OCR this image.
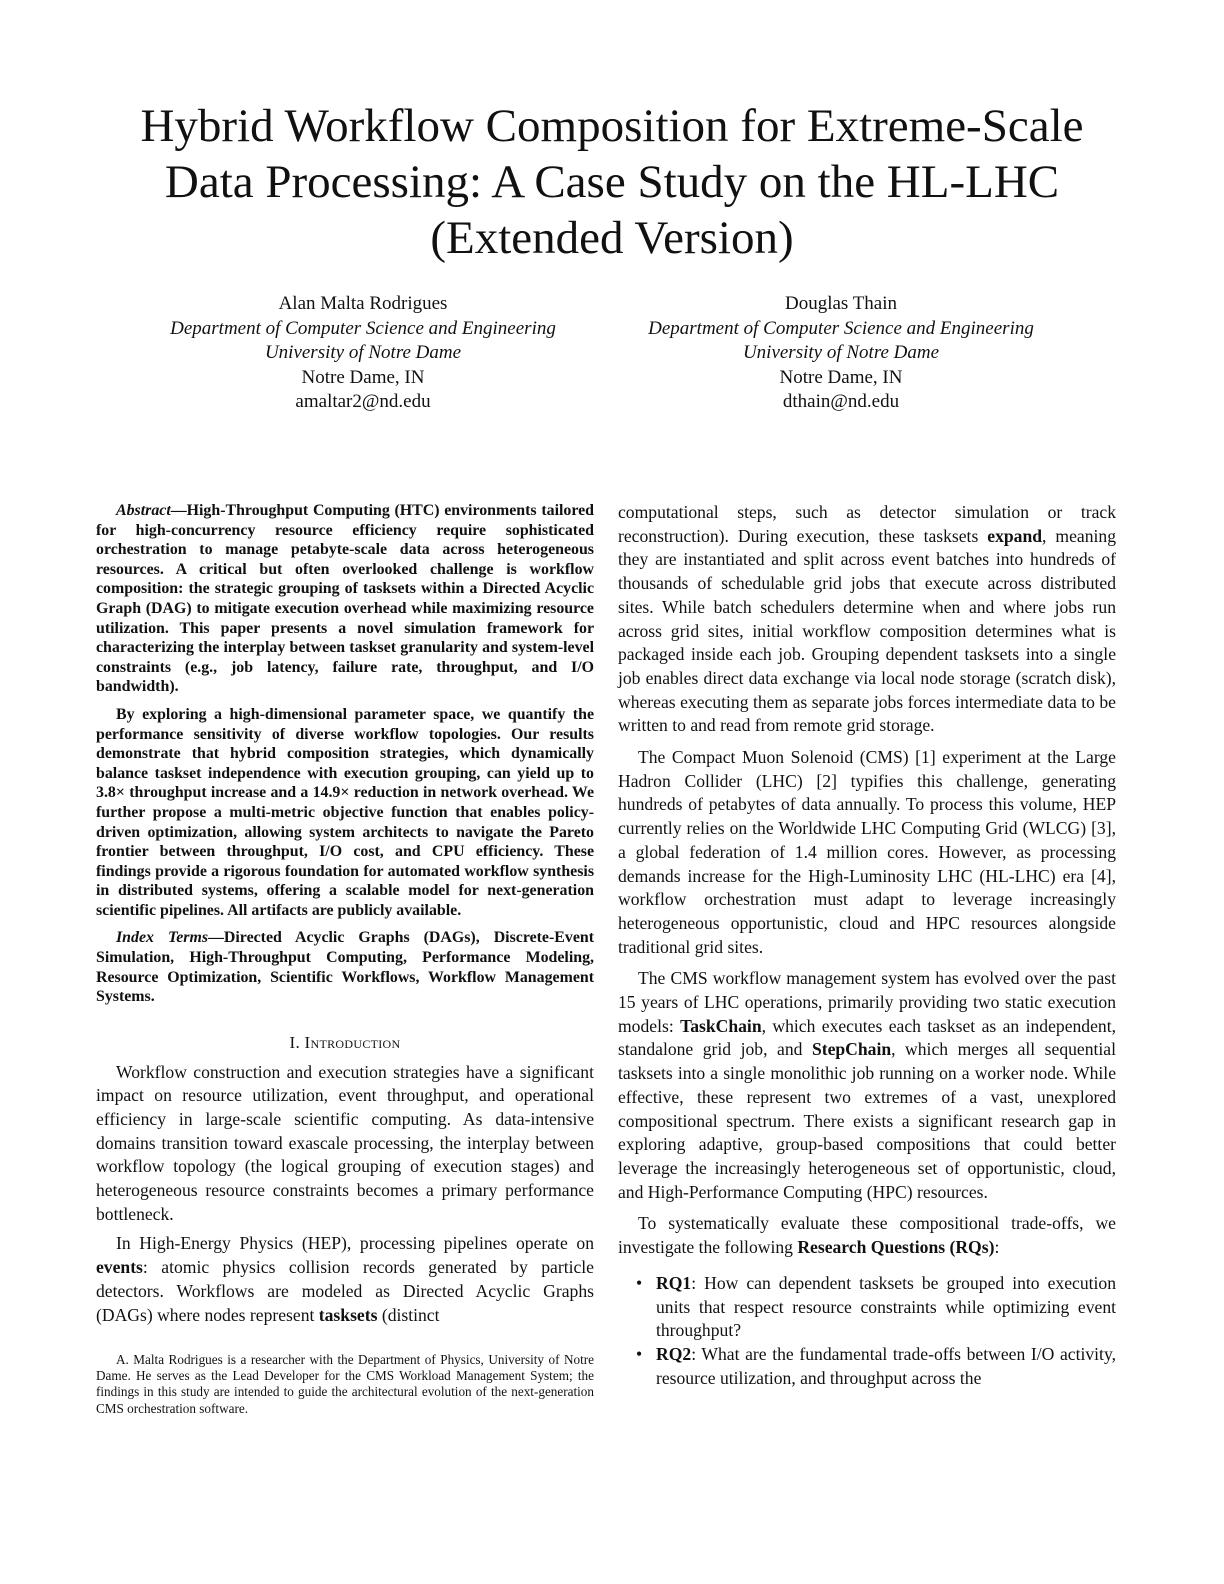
Hybrid Workflow Composition for Extreme-Scale
Data Processing: A Case Study on the HL-LHC
(Extended Version)
Alan Malta Rodrigues
Department of Computer Science and Engineering
University of Notre Dame
Notre Dame, IN
amaltar2@nd.edu
Douglas Thain
Department of Computer Science and Engineering
University of Notre Dame
Notre Dame, IN
dthain@nd.edu

Abstract—High-Throughput Computing (HTC) environments tailored for high-concurrency resource efficiency require sophisticated orchestration to manage petabyte-scale data across heterogeneous resources. A critical but often overlooked challenge is workflow composition: the strategic grouping of tasksets within a Directed Acyclic Graph (DAG) to mitigate execution overhead while maximizing resource utilization. This paper presents a novel simulation framework for characterizing the interplay between taskset granularity and system-level constraints (e.g., job latency, failure rate, throughput, and I/O bandwidth).

By exploring a high-dimensional parameter space, we quantify the performance sensitivity of diverse workflow topologies. Our results demonstrate that hybrid composition strategies, which dynamically balance taskset independence with execution grouping, can yield up to 3.8× throughput increase and a 14.9× reduction in network overhead. We further propose a multi-metric objective function that enables policy-driven optimization, allowing system architects to navigate the Pareto frontier between throughput, I/O cost, and CPU efficiency. These findings provide a rigorous foundation for automated workflow synthesis in distributed systems, offering a scalable model for next-generation scientific pipelines. All artifacts are publicly available.

Index Terms—Directed Acyclic Graphs (DAGs), Discrete-Event Simulation, High-Throughput Computing, Performance Modeling, Resource Optimization, Scientific Workflows, Workflow Management Systems.

I. Introduction

Workflow construction and execution strategies have a significant impact on resource utilization, event throughput, and operational efficiency in large-scale scientific computing. As data-intensive domains transition toward exascale processing, the interplay between workflow topology (the logical grouping of execution stages) and heterogeneous resource constraints becomes a primary performance bottleneck.

In High-Energy Physics (HEP), processing pipelines operate on events: atomic physics collision records generated by particle detectors. Workflows are modeled as Directed Acyclic Graphs (DAGs) where nodes represent tasksets (distinct

A. Malta Rodrigues is a researcher with the Department of Physics, University of Notre Dame. He serves as the Lead Developer for the CMS Workload Management System; the findings in this study are intended to guide the architectural evolution of the next-generation CMS orchestration software.

computational steps, such as detector simulation or track reconstruction). During execution, these tasksets expand, meaning they are instantiated and split across event batches into hundreds of thousands of schedulable grid jobs that execute across distributed sites. While batch schedulers determine when and where jobs run across grid sites, initial workflow composition determines what is packaged inside each job. Grouping dependent tasksets into a single job enables direct data exchange via local node storage (scratch disk), whereas executing them as separate jobs forces intermediate data to be written to and read from remote grid storage.

The Compact Muon Solenoid (CMS) [1] experiment at the Large Hadron Collider (LHC) [2] typifies this challenge, generating hundreds of petabytes of data annually. To process this volume, HEP currently relies on the Worldwide LHC Computing Grid (WLCG) [3], a global federation of 1.4 million cores. However, as processing demands increase for the High-Luminosity LHC (HL-LHC) era [4], workflow orchestration must adapt to leverage increasingly heterogeneous opportunistic, cloud and HPC resources alongside traditional grid sites.

The CMS workflow management system has evolved over the past 15 years of LHC operations, primarily providing two static execution models: TaskChain, which executes each taskset as an independent, standalone grid job, and StepChain, which merges all sequential tasksets into a single monolithic job running on a worker node. While effective, these represent two extremes of a vast, unexplored compositional spectrum. There exists a significant research gap in exploring adaptive, group-based compositions that could better leverage the increasingly heterogeneous set of opportunistic, cloud, and High-Performance Computing (HPC) resources.

To systematically evaluate these compositional trade-offs, we investigate the following Research Questions (RQs):

• RQ1: How can dependent tasksets be grouped into execution units that respect resource constraints while optimizing event throughput?
• RQ2: What are the fundamental trade-offs between I/O activity, resource utilization, and throughput across the
